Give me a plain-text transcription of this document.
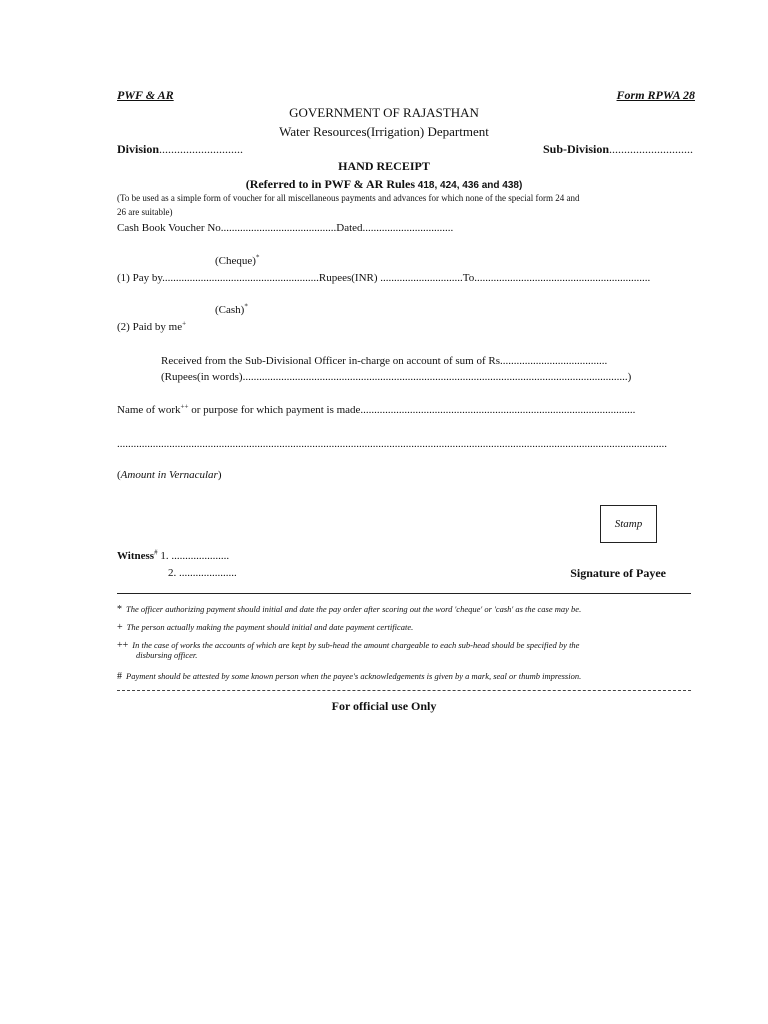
PWF & AR	Form RPWA 28
GOVERNMENT OF RAJASTHAN
Water Resources(Irrigation) Department
Division............................	Sub-Division............................
HAND RECEIPT
(Referred to in PWF & AR Rules 418, 424, 436 and 438)
(To be used as a simple form of voucher for all miscellaneous payments and advances for which none of the special form 24 and
26 are suitable)
Cash Book Voucher No..........................................Dated.................................
(Cheque)*
(1) Pay by.........................................................Rupees(INR) ..............................To................................................................
(Cash)*
(2) Paid by me+
Received from the Sub-Divisional Officer in-charge on account of sum of Rs.......................................
(Rupees(in words)............................................................................................................................................)
Name of work++ or purpose for which payment is made....................................................................................................
........................................................................................................................................................................................................
(Amount in Vernacular)
Stamp
Witness# 1. .....................
2. .....................	Signature of Payee
* The officer authorizing payment should initial and date the pay order after scoring out the word 'cheque' or 'cash' as the case may be.
+ The person actually making the payment should initial and date payment certificate.
++ In the case of works the accounts of which are kept by sub-head the amount chargeable to each sub-head should be specified by the
disbursing officer.
# Payment should be attested by some known person when the payee's acknowledgements is given by a mark, seal or thumb impression.
For official use Only
